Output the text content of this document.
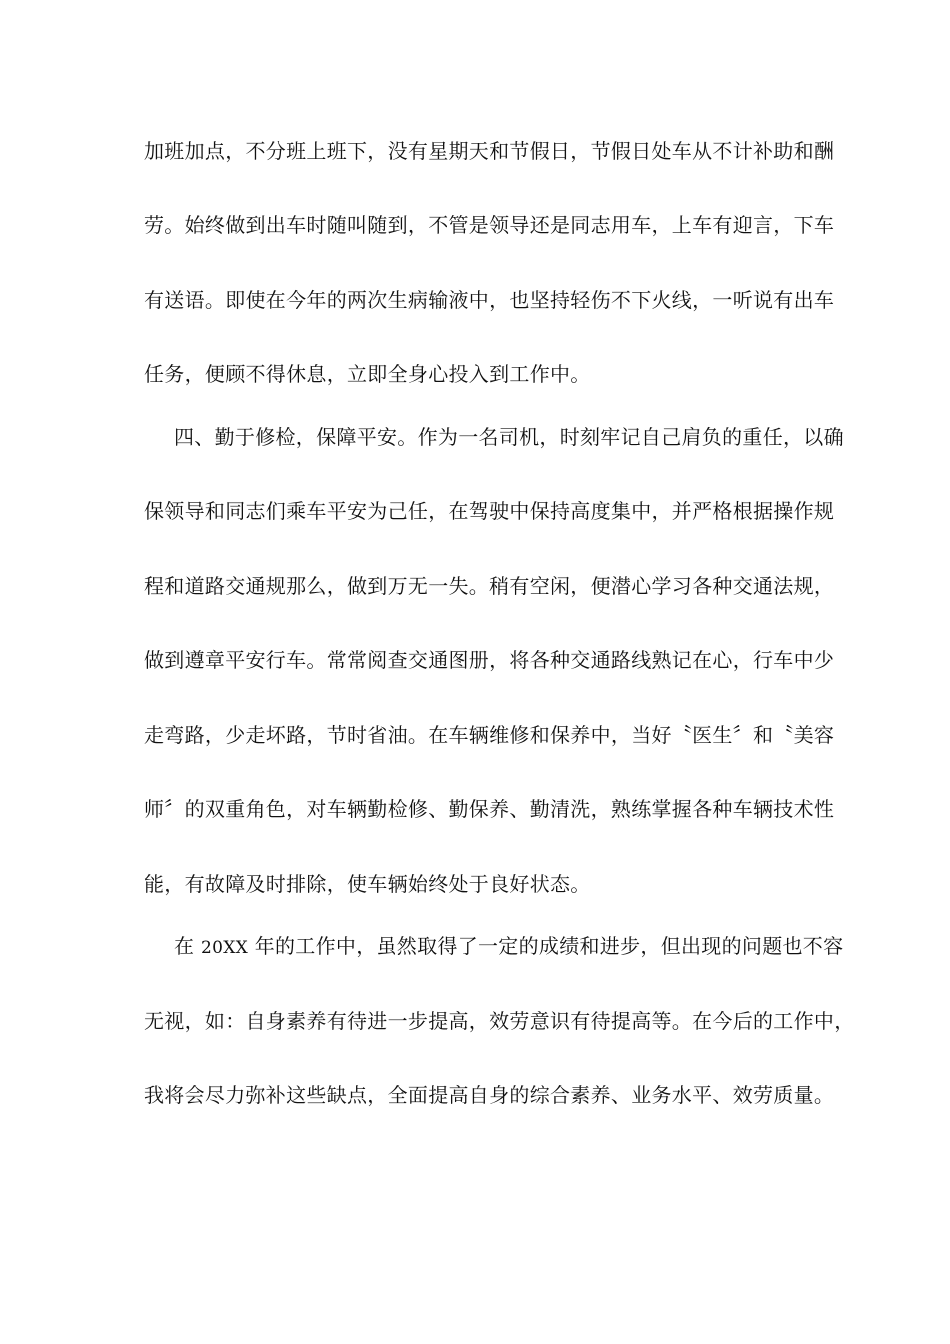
加班加点，不分班上班下，没有星期天和节假日，节假日处车从不计补助和酬
劳。始终做到出车时随叫随到，不管是领导还是同志用车，上车有迎言，下车
有送语。即使在今年的两次生病输液中，也坚持轻伤不下火线，一听说有出车
任务，便顾不得休息，立即全身心投入到工作中。
四、勤于修检，保障平安。作为一名司机，时刻牢记自己肩负的重任，以确
保领导和同志们乘车平安为己任，在驾驶中保持高度集中，并严格根据操作规
程和道路交通规那么，做到万无一失。稍有空闲，便潜心学习各种交通法规，
做到遵章平安行车。常常阅查交通图册，将各种交通路线熟记在心，行车中少
走弯路，少走坏路，节时省油。在车辆维修和保养中，当好〝医生〞和〝美容
师〞的双重角色，对车辆勤检修、勤保养、勤清洗，熟练掌握各种车辆技术性
能，有故障及时排除，使车辆始终处于良好状态。
在 20XX 年的工作中，虽然取得了一定的成绩和进步，但出现的问题也不容
无视，如：自身素养有待进一步提高，效劳意识有待提高等。在今后的工作中，
我将会尽力弥补这些缺点，全面提高自身的综合素养、业务水平、效劳质量。
